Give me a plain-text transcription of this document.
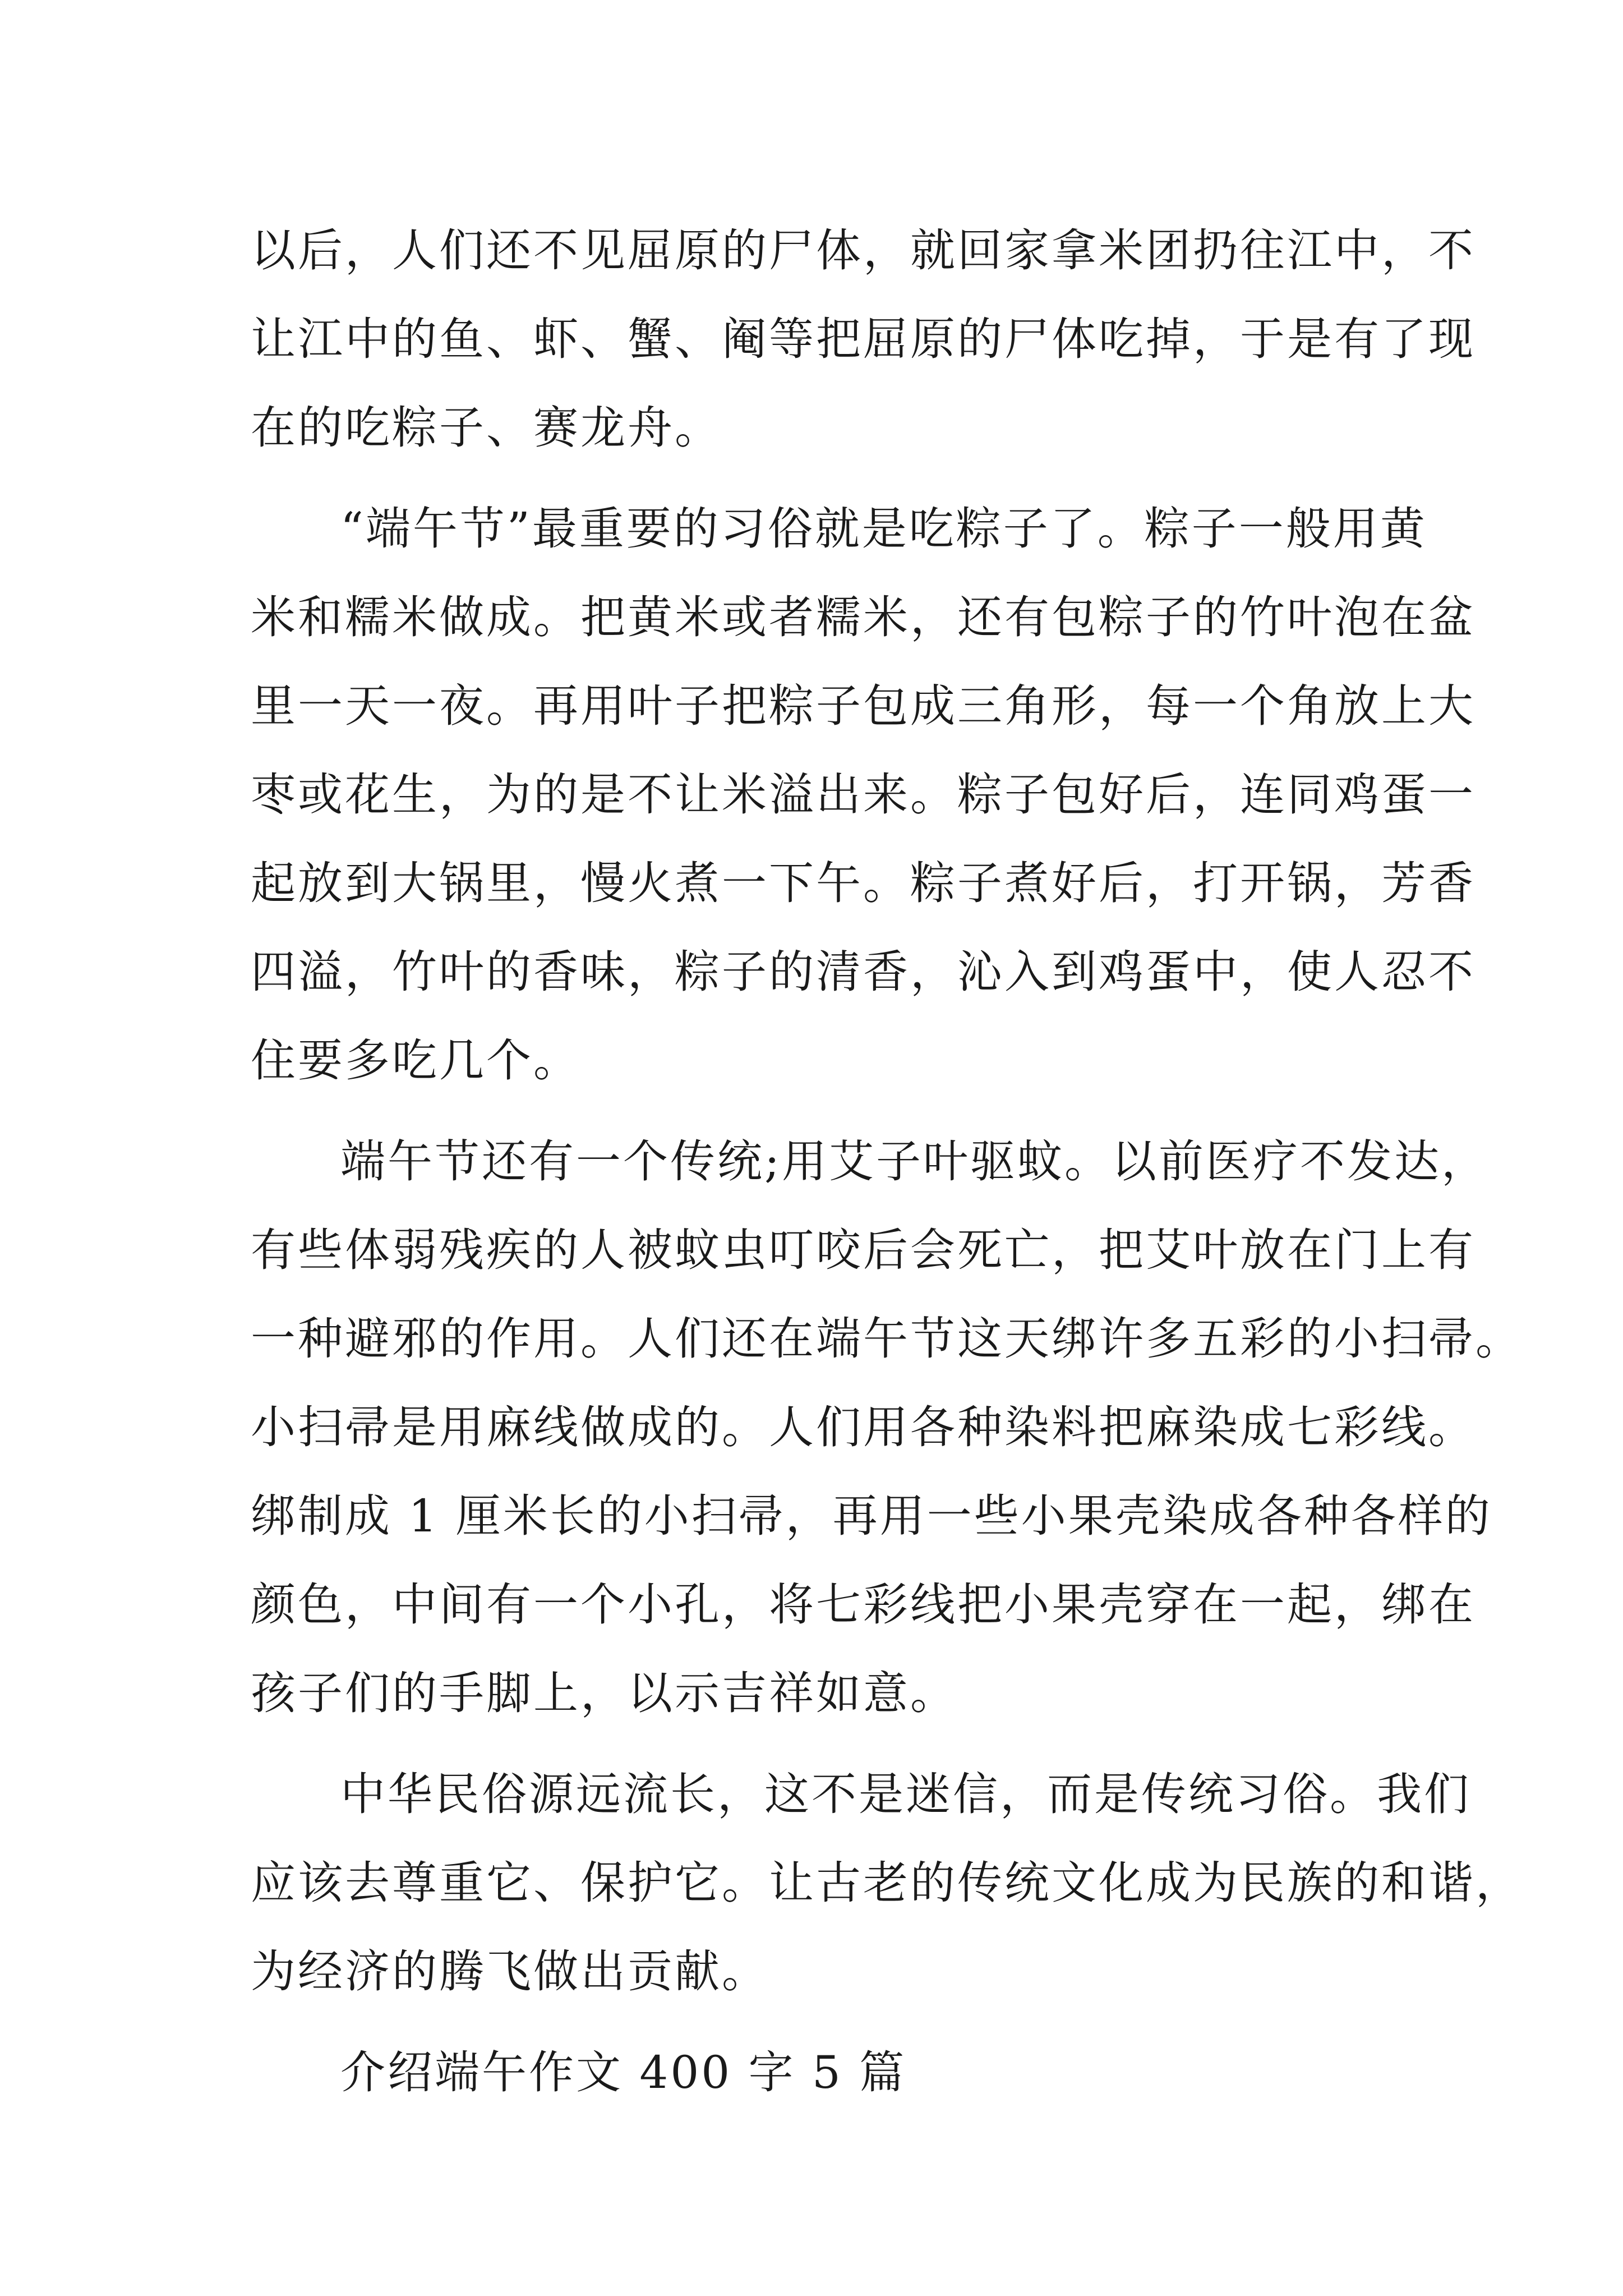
以后，人们还不见屈原的尸体，就回家拿米团扔往江中，不
让江中的鱼、虾、蟹、阉等把屈原的尸体吃掉，于是有了现
在的吃粽子、赛龙舟。
“端午节”最重要的习俗就是吃粽子了。粽子一般用黄
米和糯米做成。把黄米或者糯米，还有包粽子的竹叶泡在盆
里一天一夜。再用叶子把粽子包成三角形，每一个角放上大
枣或花生，为的是不让米溢出来。粽子包好后，连同鸡蛋一
起放到大锅里，慢火煮一下午。粽子煮好后，打开锅，芳香
四溢，竹叶的香味，粽子的清香，沁入到鸡蛋中，使人忍不
住要多吃几个。
端午节还有一个传统;用艾子叶驱蚊。以前医疗不发达，
有些体弱残疾的人被蚊虫叮咬后会死亡，把艾叶放在门上有
一种避邪的作用。人们还在端午节这天绑许多五彩的小扫帚。
小扫帚是用麻线做成的。人们用各种染料把麻染成七彩线。
绑制成 1 厘米长的小扫帚，再用一些小果壳染成各种各样的
颜色，中间有一个小孔，将七彩线把小果壳穿在一起，绑在
孩子们的手脚上，以示吉祥如意。
中华民俗源远流长，这不是迷信，而是传统习俗。我们
应该去尊重它、保护它。让古老的传统文化成为民族的和谐，
为经济的腾飞做出贡献。
介绍端午作文 400 字 5 篇
